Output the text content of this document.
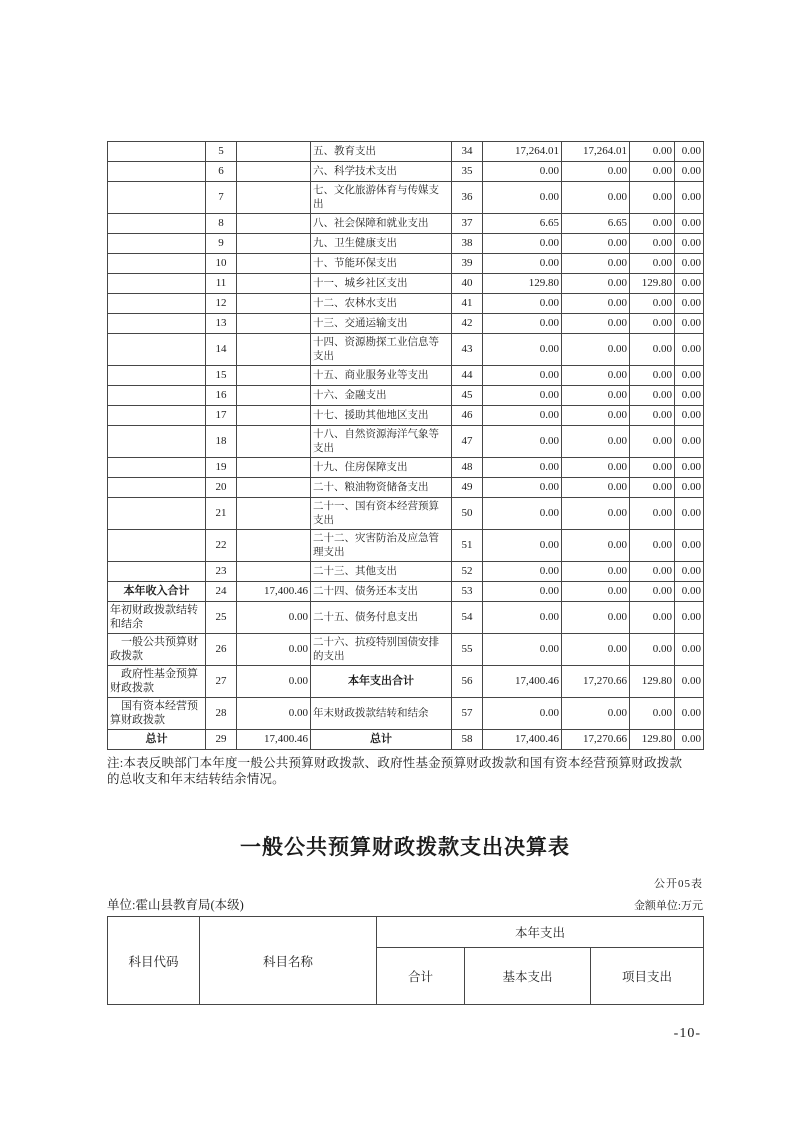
	5		五、教育支出	34	17,264.01	17,264.01	0.00	0.00
	6		六、科学技术支出	35	0.00	0.00	0.00	0.00
	7		七、文化旅游体育与传媒支出	36	0.00	0.00	0.00	0.00
	8		八、社会保障和就业支出	37	6.65	6.65	0.00	0.00
	9		九、卫生健康支出	38	0.00	0.00	0.00	0.00
	10		十、节能环保支出	39	0.00	0.00	0.00	0.00
	11		十一、城乡社区支出	40	129.80	0.00	129.80	0.00
	12		十二、农林水支出	41	0.00	0.00	0.00	0.00
	13		十三、交通运输支出	42	0.00	0.00	0.00	0.00
	14		十四、资源勘探工业信息等支出	43	0.00	0.00	0.00	0.00
	15		十五、商业服务业等支出	44	0.00	0.00	0.00	0.00
	16		十六、金融支出	45	0.00	0.00	0.00	0.00
	17		十七、援助其他地区支出	46	0.00	0.00	0.00	0.00
	18		十八、自然资源海洋气象等支出	47	0.00	0.00	0.00	0.00
	19		十九、住房保障支出	48	0.00	0.00	0.00	0.00
	20		二十、粮油物资储备支出	49	0.00	0.00	0.00	0.00
	21		二十一、国有资本经营预算支出	50	0.00	0.00	0.00	0.00
	22		二十二、灾害防治及应急管理支出	51	0.00	0.00	0.00	0.00
	23		二十三、其他支出	52	0.00	0.00	0.00	0.00
本年收入合计	24	17,400.46	二十四、债务还本支出	53	0.00	0.00	0.00	0.00
年初财政拨款结转和结余	25	0.00	二十五、债务付息支出	54	0.00	0.00	0.00	0.00
一般公共预算财政拨款	26	0.00	二十六、抗疫特别国债安排的支出	55	0.00	0.00	0.00	0.00
政府性基金预算财政拨款	27	0.00	本年支出合计	56	17,400.46	17,270.66	129.80	0.00
国有资本经营预算财政拨款	28	0.00	年末财政拨款结转和结余	57	0.00	0.00	0.00	0.00
总计	29	17,400.46	总计	58	17,400.46	17,270.66	129.80	0.00
注:本表反映部门本年度一般公共预算财政拨款、政府性基金预算财政拨款和国有资本经营预算财政拨款
的总收支和年末结转结余情况。
一般公共预算财政拨款支出决算表
公开05表
单位:霍山县教育局(本级)	金额单位:万元
科目代码	科目名称	本年支出		
		合计	基本支出	项目支出
-10-
